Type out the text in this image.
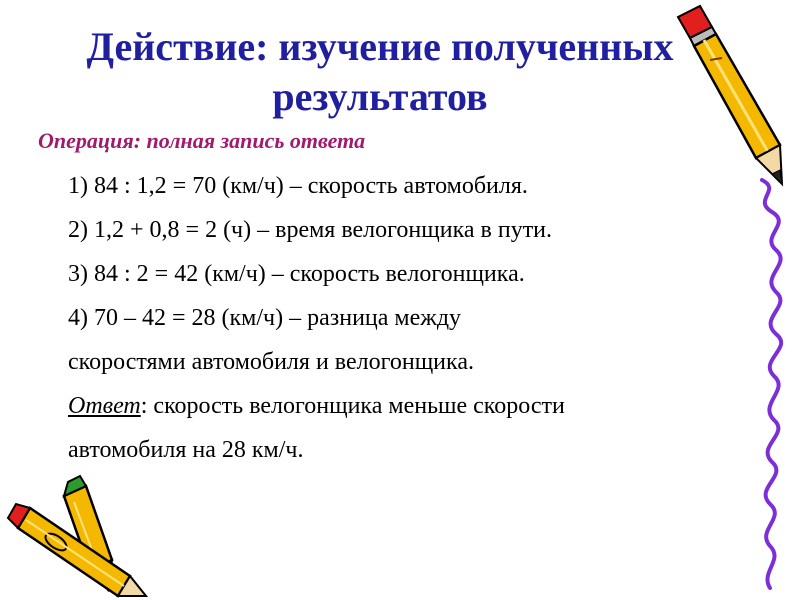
Действие: изучение полученных
результатов
Операция: полная запись ответа
1) 84 : 1,2 = 70 (км/ч) – скорость автомобиля.
2) 1,2 + 0,8 = 2 (ч) – время велогонщика в пути.
3) 84 : 2 = 42 (км/ч) – скорость велогонщика.
4) 70 – 42 = 28 (км/ч) – разница между
скоростями автомобиля и велогонщика.
Ответ: скорость велогонщика меньше скорости
автомобиля на 28 км/ч.
